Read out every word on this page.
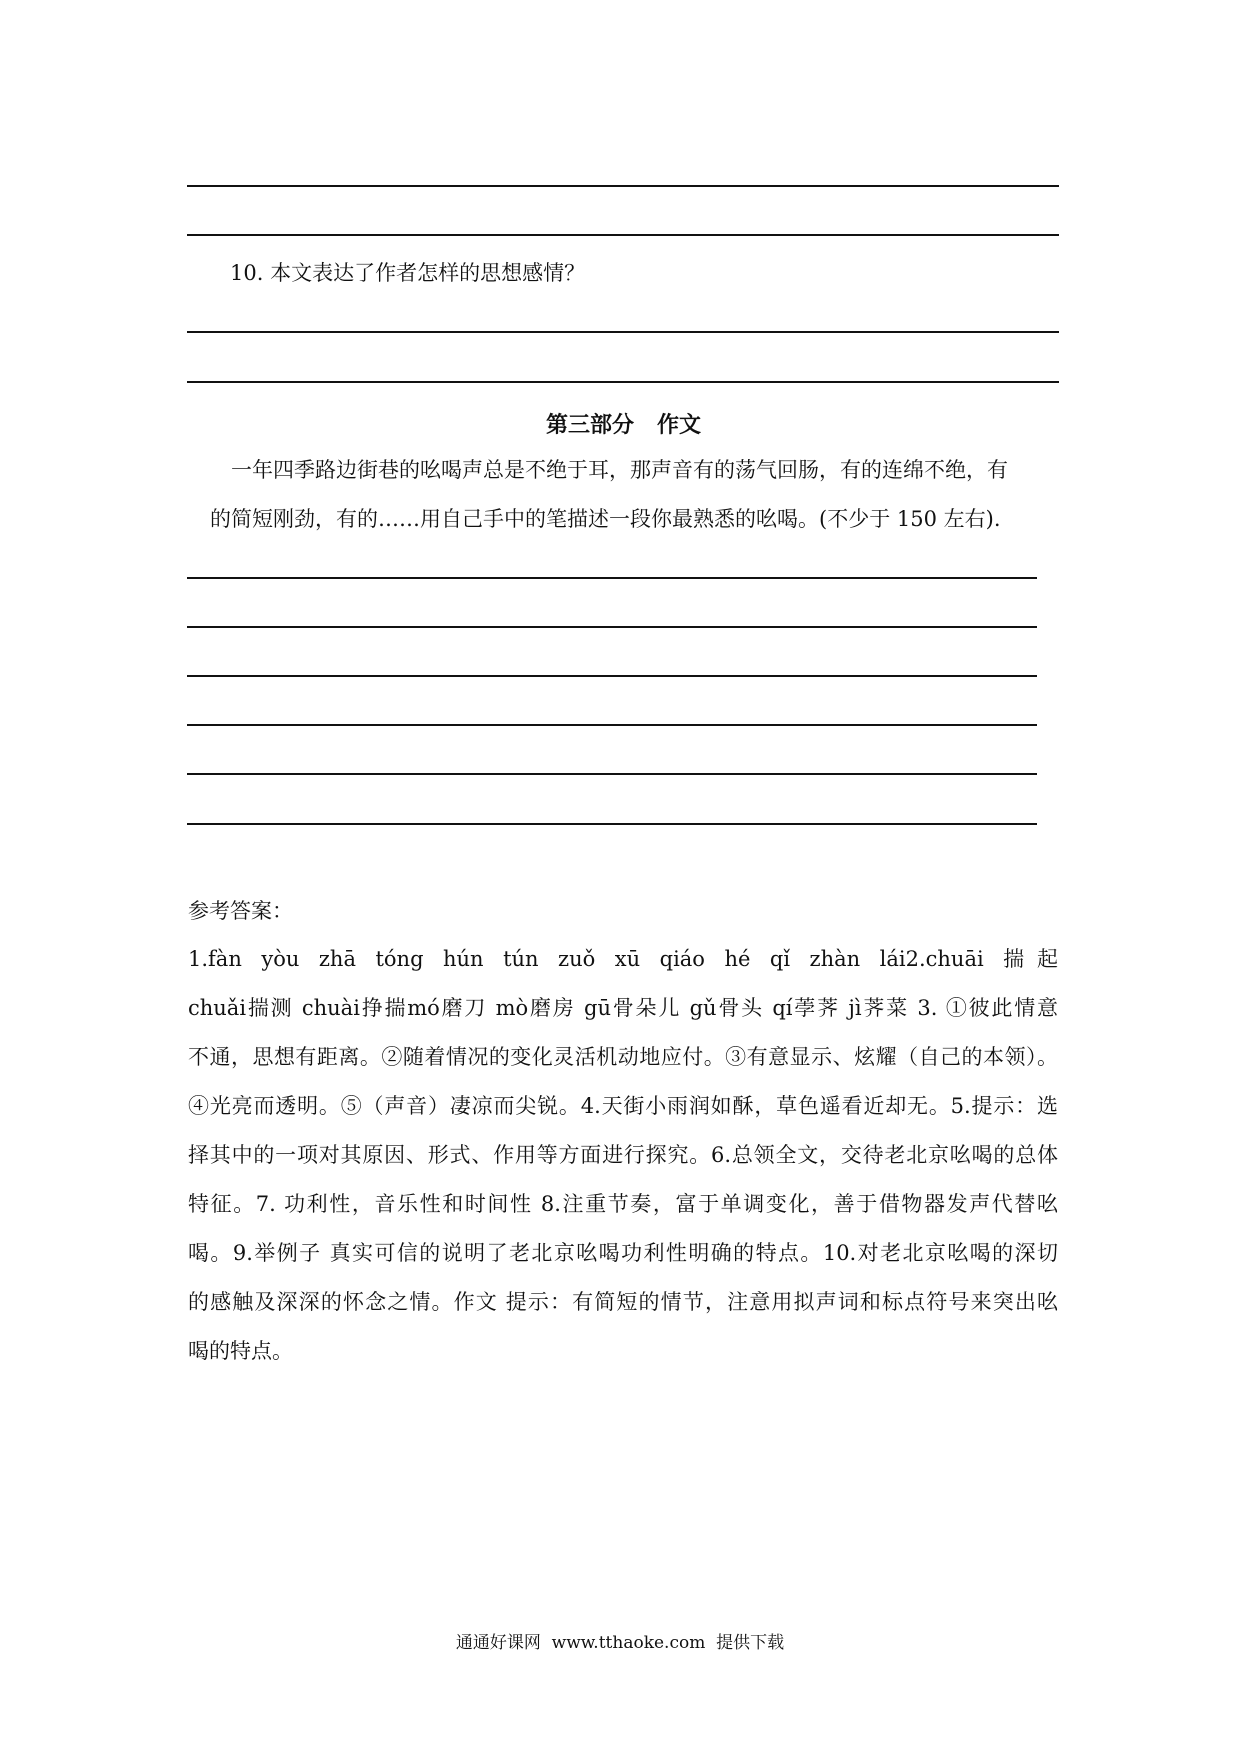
10. 本文表达了作者怎样的思想感情？
第三部分   作文
一年四季路边街巷的吆喝声总是不绝于耳，那声音有的荡气回肠，有的连绵不绝，有
的简短刚劲，有的……用自己手中的笔描述一段你最熟悉的吆喝。(不少于 150 左右).
参考答案：
1.fàn yòu zhā tóng hún tún zuǒ xū qiáo hé qǐ zhàn lái2.chuāi 揣起
chuǎi揣测 chuài挣揣mó磨刀 mò磨房 gū骨朵儿 gǔ骨头 qí荸荠 jì荠菜 3. ①彼此情意
不通，思想有距离。②随着情况的变化灵活机动地应付。③有意显示、炫耀（自己的本领）。
④光亮而透明。⑤（声音）凄凉而尖锐。4.天街小雨润如酥，草色遥看近却无。5.提示：选
择其中的一项对其原因、形式、作用等方面进行探究。6.总领全文，交待老北京吆喝的总体
特征。7. 功利性，音乐性和时间性 8.注重节奏，富于单调变化，善于借物器发声代替吆
喝。9.举例子 真实可信的说明了老北京吆喝功利性明确的特点。10.对老北京吆喝的深切
的感触及深深的怀念之情。作文 提示：有简短的情节，注意用拟声词和标点符号来突出吆
喝的特点。
通通好课网  www.tthaoke.com  提供下载
